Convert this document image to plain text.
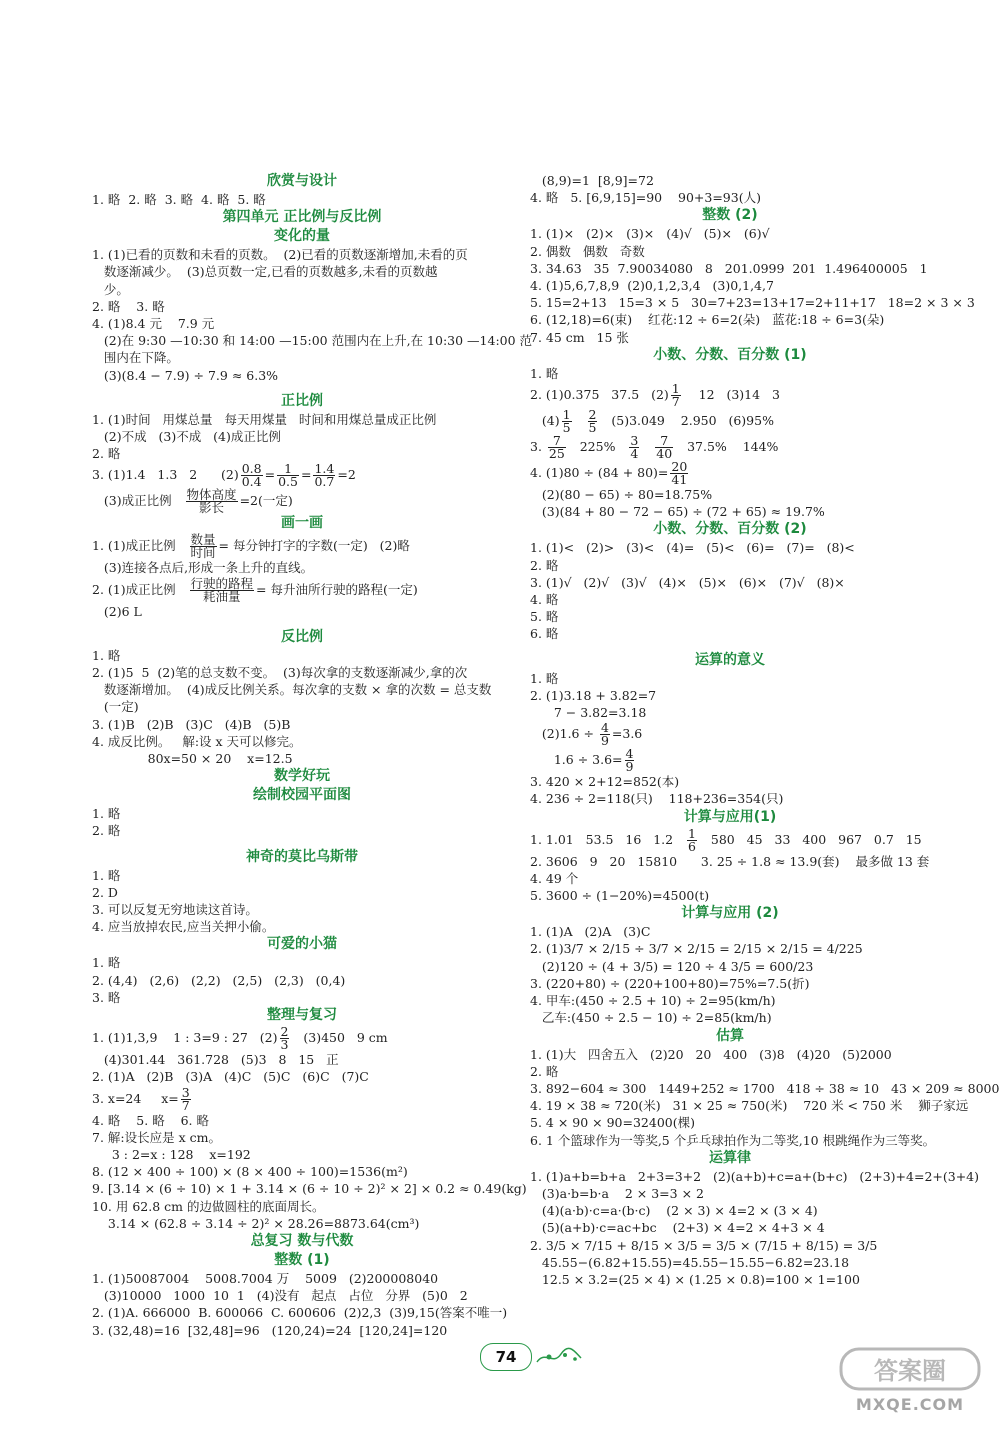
欣赏与设计
1. 略  2. 略  3. 略  4. 略  5. 略
第四单元 正比例与反比例
变化的量
1. (1)已看的页数和未看的页数。  (2)已看的页数逐渐增加,未看的页
数逐渐减少。  (3)总页数一定,已看的页数越多,未看的页数越
少。
2. 略    3. 略
4. (1)8.4 元    7.9 元
(2)在 9:30 —10:30 和 14:00 —15:00 范围内在上升,在 10:30 —14:00 范
围内在下降。
(3)(8.4 − 7.9) ÷ 7.9 ≈ 6.3%
正比例
1. (1)时间   用煤总量   每天用煤量   时间和用煤总量成正比例
(2)不成   (3)不成   (4)成正比例
2. 略
3. (1)1.4   1.3   2      $(2) \frac{0.8}{0.4} = \frac{1}{0.5} = \frac{1.4}{0.7} =2$
(3)成正比例 $\frac{\text{物体高度}}{\text{影长}} =2$(一定)
画一画
1. (1)成正比例 $\frac{\text{数量}}{\text{时间}}$ = 每分钟打字的字数(一定)   (2)略
(3)连接各点后,形成一条上升的直线。
2. (1)成正比例 $\frac{\text{行驶的路程}}{\text{耗油量}}$ = 每升油所行驶的路程(一定)
(2)6 L
反比例
1. 略
2. (1)5  5  (2)笔的总支数不变。  (3)每次拿的支数逐渐减少,拿的次
数逐渐增加。  (4)成反比例关系。每次拿的支数 × 拿的次数 = 总支数
(一定)
3. (1)B   (2)B   (3)C   (4)B   (5)B
4. 成反比例。   解:设 x 天可以修完。
80x=50 × 20    x=12.5
数学好玩
绘制校园平面图
1. 略
2. 略
神奇的莫比乌斯带
1. 略
2. D
3. 可以反复无穷地读这首诗。
4. 应当放掉农民,应当关押小偷。
可爱的小猫
1. 略
2. (4,4)   (2,6)   (2,2)   (2,5)   (2,3)   (0,4)
3. 略
整理与复习
1. (1)1,3,9    1 : 3=9 : 27   $(2) \frac{2}{3} (3)450$   9 cm
(4)301.44   361.728   (5)3   8   15   正
2. (1)A   (2)B   (3)A   (4)C   (5)C   (6)C   (7)C
3. x=24     $x= \frac{3}{7}$
4. 略    5. 略    6. 略
7. 解:设长应是 x cm。
3 : 2=x : 128    x=192
8. (12 × 400 ÷ 100) × (8 × 400 ÷ 100)=1536(m²)
9. [3.14 × (6 ÷ 10) × 1 + 3.14 × (6 ÷ 10 ÷ 2)² × 2] × 0.2 ≈ 0.49(kg)
10. 用 62.8 cm 的边做圆柱的底面周长。
3.14 × (62.8 ÷ 3.14 ÷ 2)² × 28.26=8873.64(cm³)
总复习 数与代数
整数 (1)
1. (1)50087004    5008.7004 万    5009   (2)200008040
(3)10000   1000  10  1   (4)没有   起点   占位   分界   (5)0   2
2. (1)A. 666000  B. 600066  C. 600606  (2)2,3  (3)9,15(答案不唯一)
3. (32,48)=16  [32,48]=96   (120,24)=24  [120,24]=120
(8,9)=1  [8,9]=72
4. 略   5. [6,9,15]=90    90+3=93(人)
整数 (2)
1. (1)×   (2)×   (3)×   (4)√   (5)×   (6)√
2. 偶数   偶数   奇数
3. 34.63   35  7.90034080   8   201.0999  201  1.496400005   1
4. (1)5,6,7,8,9  (2)0,1,2,3,4   (3)0,1,4,7
5. 15=2+13   15=3 × 5   30=7+23=13+17=2+11+17   18=2 × 3 × 3
6. (12,18)=6(束)    红花:12 ÷ 6=2(朵)   蓝花:18 ÷ 6=3(朵)
7. 45 cm   15 张
小数、分数、百分数 (1)
1. 略
2. (1)0.375   37.5   $(2) \frac{1}{7} 12$   (3)14   3
$(4) \frac{1}{5}$
$\frac{2}{5} (5)3.049$    2.950   (6)95%
3. $\frac{7}{25} 225\% \frac{3}{4}$
$\frac{7}{40} 37.5\%$    144%
4. $(1)80 \div (84 + 80)= \frac{20}{41}$
(2)(80 − 65) ÷ 80=18.75%
(3)(84 + 80 − 72 − 65) ÷ (72 + 65) ≈ 19.7%
小数、分数、百分数 (2)
1. (1)<   (2)>   (3)<   (4)=   (5)<   (6)=   (7)=   (8)<
2. 略
3. (1)√   (2)√   (3)√   (4)×   (5)×   (6)×   (7)√   (8)×
4. 略
5. 略
6. 略
运算的意义
1. 略
2. (1)3.18 + 3.82=7
7 − 3.82=3.18
$(2)1.6 \div \frac{4}{9} =3.6$
$1.6 \div 3.6= \frac{4}{9}$
3. 420 × 2+12=852(本)
4. 236 ÷ 2=118(只)    118+236=354(只)
计算与应用(1)
1. 1.01   53.5   16   $1.2 \frac{1}{6} 580$   45   33   400   967   0.7   15
2. 3606   9   20   15810      3. 25 ÷ 1.8 ≈ 13.9(套)    最多做 13 套
4. 49 个
5. 3600 ÷ (1−20%)=4500(t)
计算与应用 (2)
1. (1)A   (2)A   (3)C
2. (1)3/7 × 2/15 ÷ 3/7 × 2/15 = 2/15 × 2/15 = 4/225
(2)120 ÷ (4 + 3/5) = 120 ÷ 4 3/5 = 600/23
3. (220+80) ÷ (220+100+80)=75%=7.5(折)
4. 甲车:(450 ÷ 2.5 + 10) ÷ 2=95(km/h)
乙车:(450 ÷ 2.5 − 10) ÷ 2=85(km/h)
估算
1. (1)大   四舍五入   (2)20   20   400   (3)8   (4)20   (5)2000
2. 略
3. 892−604 ≈ 300   1449+252 ≈ 1700   418 ÷ 38 ≈ 10   43 × 209 ≈ 8000
4. 19 × 38 ≈ 720(米)   31 × 25 ≈ 750(米)    720 米 < 750 米    狮子家远
5. 4 × 90 × 90=32400(棵)
6. 1 个篮球作为一等奖,5 个乒乓球拍作为二等奖,10 根跳绳作为三等奖。
运算律
1. (1)a+b=b+a   2+3=3+2   (2)(a+b)+c=a+(b+c)   (2+3)+4=2+(3+4)
(3)a·b=b·a    2 × 3=3 × 2
(4)(a·b)·c=a·(b·c)    (2 × 3) × 4=2 × (3 × 4)
(5)(a+b)·c=ac+bc    (2+3) × 4=2 × 4+3 × 4
2. 3/5 × 7/15 + 8/15 × 3/5 = 3/5 × (7/15 + 8/15) = 3/5
45.55−(6.82+15.55)=45.55−15.55−6.82=23.18
12.5 × 3.2=(25 × 4) × (1.25 × 0.8)=100 × 1=100
74	答案圈
MXQE.COM
